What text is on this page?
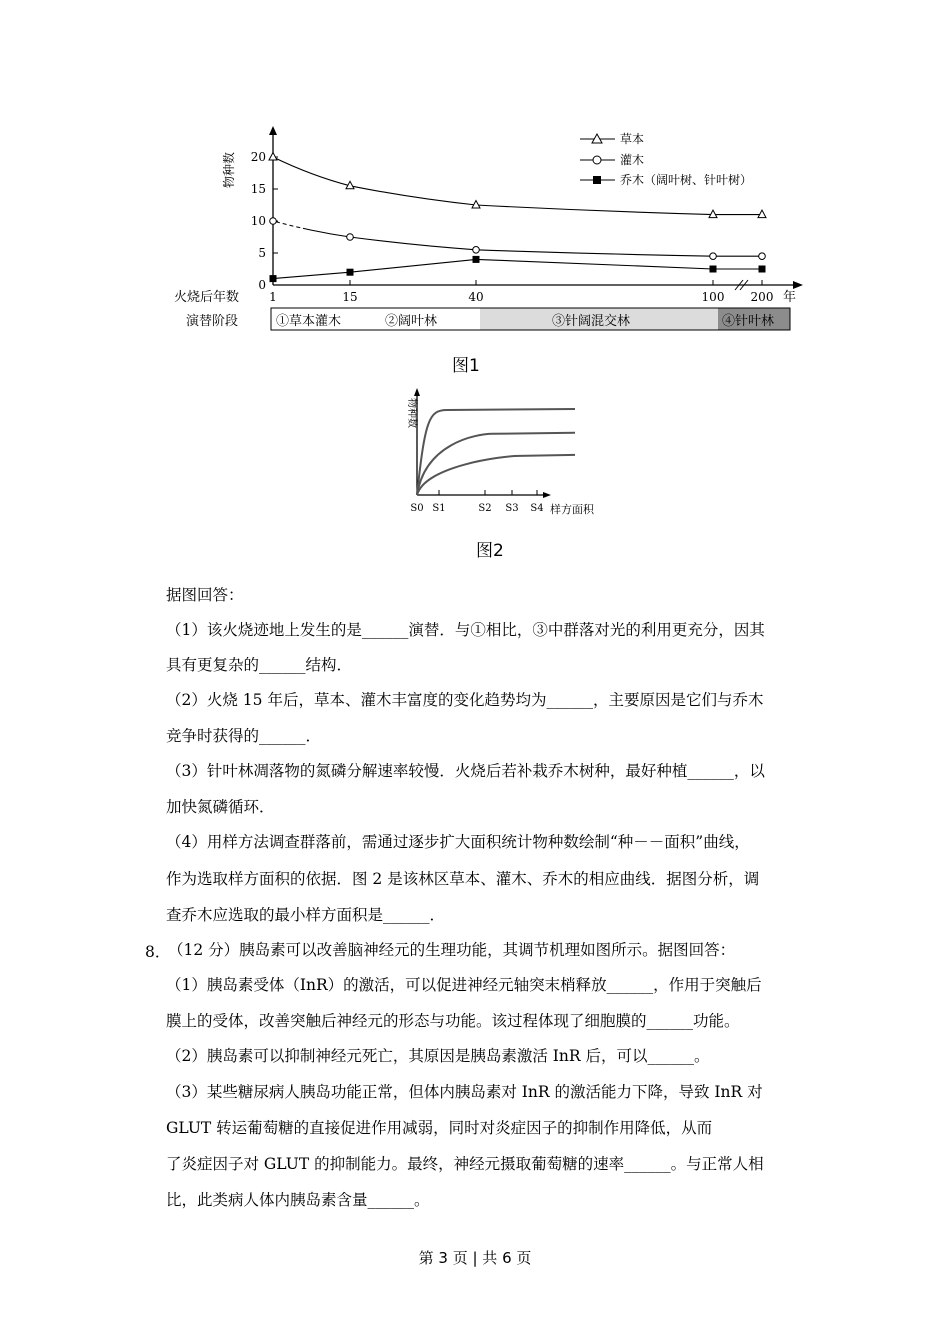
物种数 20
15
10
5
0
1	15	40	100 200
火烧后年数	年
演替阶段	①草本灌木	②阔叶林	③针阔混交林	④针叶林
草本
灌木
乔木（阔叶树、针叶树）
图1
物种数
S0 S1	S2 S3 S4 样方面积
图2
据图回答：
（1）该火烧迹地上发生的是______演替．与①相比，③中群落对光的利用更充分，因其
具有更复杂的______结构．
（2）火烧 15 年后，草本、灌木丰富度的变化趋势均为______，主要原因是它们与乔木
竞争时获得的______．
（3）针叶林凋落物的氮磷分解速率较慢．火烧后若补栽乔木树种，最好种植______，以
加快氮磷循环．
（4）用样方法调查群落前，需通过逐步扩大面积统计物种数绘制“种－－面积”曲线，
作为选取样方面积的依据．图 2 是该林区草本、灌木、乔木的相应曲线．据图分析，调
查乔木应选取的最小样方面积是______．
8．
（12 分）胰岛素可以改善脑神经元的生理功能，其调节机理如图所示。据图回答：
（1）胰岛素受体（InR）的激活，可以促进神经元轴突末梢释放______，作用于突触后
膜上的受体，改善突触后神经元的形态与功能。该过程体现了细胞膜的______功能。
（2）胰岛素可以抑制神经元死亡，其原因是胰岛素激活 InR 后，可以______。
（3）某些糖尿病人胰岛功能正常，但体内胰岛素对 InR 的激活能力下降，导致 InR 对
GLUT 转运葡萄糖的直接促进作用减弱，同时对炎症因子的抑制作用降低，从而
了炎症因子对 GLUT 的抑制能力。最终，神经元摄取葡萄糖的速率______。与正常人相
比，此类病人体内胰岛素含量______。
第 3 页 | 共 6 页
